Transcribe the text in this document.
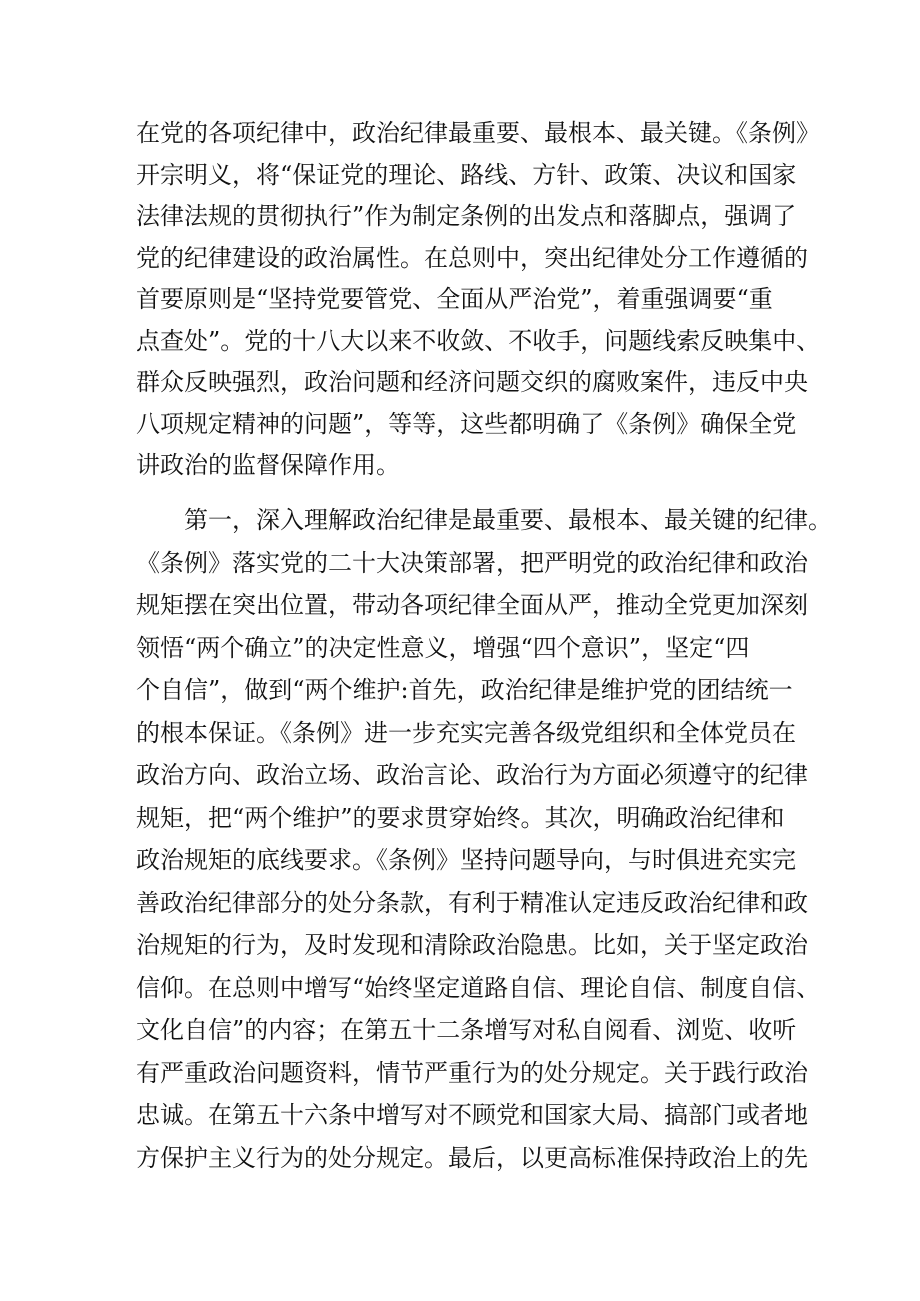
在党的各项纪律中，政治纪律最重要、最根本、最关键。《条例》
开宗明义，将“保证党的理论、路线、方针、政策、决议和国家
法律法规的贯彻执行”作为制定条例的出发点和落脚点，强调了
党的纪律建设的政治属性。在总则中，突出纪律处分工作遵循的
首要原则是“坚持党要管党、全面从严治党”，着重强调要“重
点查处”。党的十八大以来不收敛、不收手，问题线索反映集中、
群众反映强烈，政治问题和经济问题交织的腐败案件，违反中央
八项规定精神的问题”，等等，这些都明确了《条例》确保全党
讲政治的监督保障作用。
第一，深入理解政治纪律是最重要、最根本、最关键的纪律。
《条例》落实党的二十大决策部署，把严明党的政治纪律和政治
规矩摆在突出位置，带动各项纪律全面从严，推动全党更加深刻
领悟“两个确立”的决定性意义，增强“四个意识”，坚定“四
个自信”，做到“两个维护:首先，政治纪律是维护党的团结统一
的根本保证。《条例》进一步充实完善各级党组织和全体党员在
政治方向、政治立场、政治言论、政治行为方面必须遵守的纪律
规矩，把“两个维护”的要求贯穿始终。其次，明确政治纪律和
政治规矩的底线要求。《条例》坚持问题导向，与时俱进充实完
善政治纪律部分的处分条款，有利于精准认定违反政治纪律和政
治规矩的行为，及时发现和清除政治隐患。比如，关于坚定政治
信仰。在总则中增写“始终坚定道路自信、理论自信、制度自信、
文化自信”的内容；在第五十二条增写对私自阅看、浏览、收听
有严重政治问题资料，情节严重行为的处分规定。关于践行政治
忠诚。在第五十六条中增写对不顾党和国家大局、搞部门或者地
方保护主义行为的处分规定。最后，以更高标准保持政治上的先
